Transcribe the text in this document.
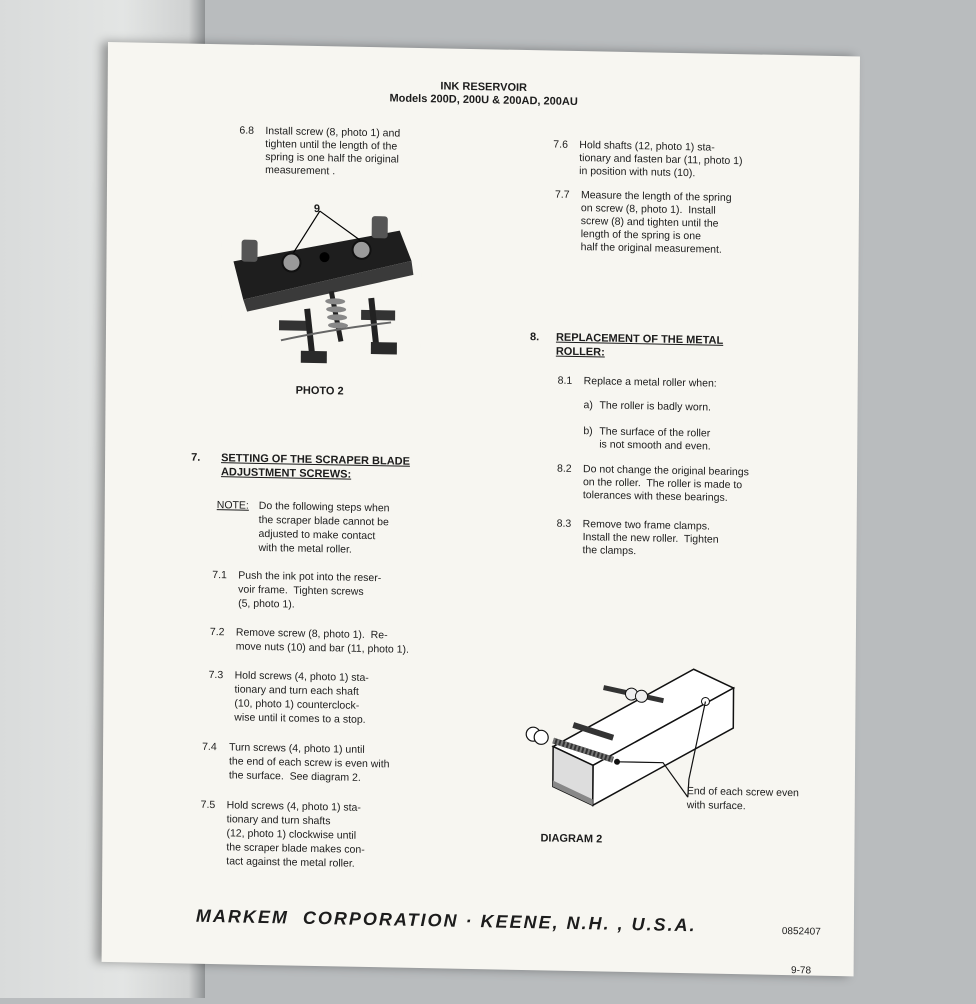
INK RESERVOIR
Models 200D, 200U & 200AD, 200AU
6.8 Install screw (8, photo 1) and
tighten until the length of the
spring is one half the original
measurement .
9
PHOTO 2
7. SETTING OF THE SCRAPER BLADE
ADJUSTMENT SCREWS:
NOTE: Do the following steps when
the scraper blade cannot be
adjusted to make contact
with the metal roller.
7.1 Push the ink pot into the reser-
voir frame.  Tighten screws
(5, photo 1).
7.2 Remove screw (8, photo 1).  Re-
move nuts (10) and bar (11, photo 1).
7.3 Hold screws (4, photo 1) sta-
tionary and turn each shaft
(10, photo 1) counterclock-
wise until it comes to a stop.
7.4 Turn screws (4, photo 1) until
the end of each screw is even with
the surface.  See diagram 2.
7.5 Hold screws (4, photo 1) sta-
tionary and turn shafts
(12, photo 1) clockwise until
the scraper blade makes con-
tact against the metal roller.
7.6 Hold shafts (12, photo 1) sta-
tionary and fasten bar (11, photo 1)
in position with nuts (10).
7.7 Measure the length of the spring
on screw (8, photo 1).  Install
screw (8) and tighten until the
length of the spring is one
half the original measurement.
8. REPLACEMENT OF THE METAL
ROLLER:
8.1 Replace a metal roller when:
a) The roller is badly worn.
b) The surface of the roller
is not smooth and even.
8.2 Do not change the original bearings
on the roller.  The roller is made to
tolerances with these bearings.
8.3 Remove two frame clamps.
Install the new roller.  Tighten
the clamps.
End of each screw even
with surface.
DIAGRAM 2
MARKEM  CORPORATION · KEENE, N.H. , U.S.A.

	0852407

9-78
